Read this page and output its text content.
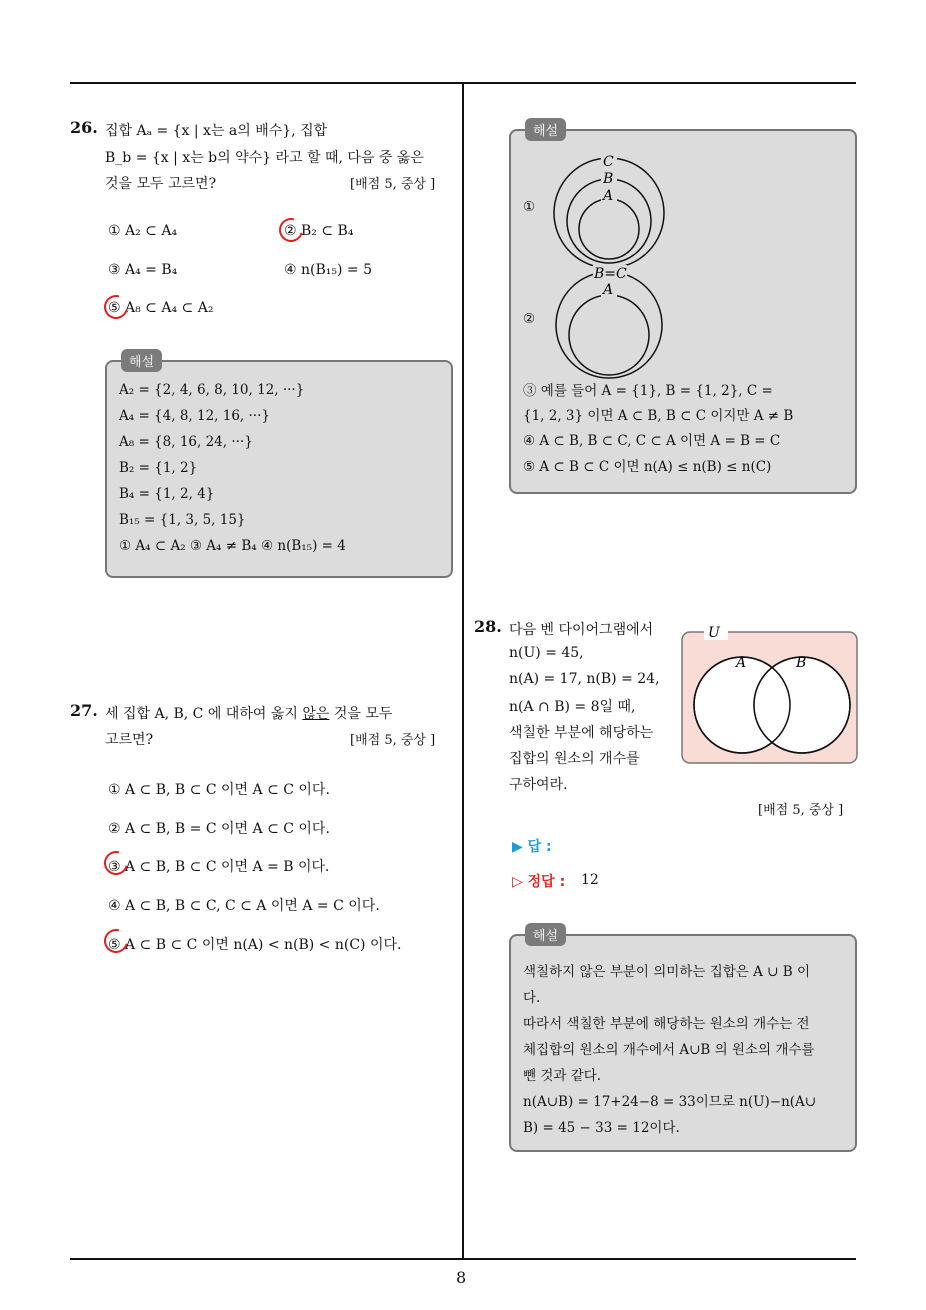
8
26. 집합 Aₐ = {x | x는 a의 배수}, 집합
B_b = {x | x는 b의 약수} 라고 할 때, 다음 중 옳은
것을 모두 고르면?	[배점 5, 중상 ]
① A₂ ⊂ A₄	② B₂ ⊂ B₄
③ A₄ = B₄	④ n(B₁₅) = 5
⑤ A₈ ⊂ A₄ ⊂ A₂
해설
A₂ = {2, 4, 6, 8, 10, 12, ···}
A₄ = {4, 8, 12, 16, ···}
A₈ = {8, 16, 24, ···}
B₂ = {1, 2}
B₄ = {1, 2, 4}
B₁₅ = {1, 3, 5, 15}
① A₄ ⊂ A₂ ③ A₄ ≠ B₄ ④ n(B₁₅) = 4
27. 세 집합 A, B, C 에 대하여 옳지 않은 것을 모두
고르면?	[배점 5, 중상 ]
① A ⊂ B, B ⊂ C 이면 A ⊂ C 이다.
② A ⊂ B, B = C 이면 A ⊂ C 이다.
③ A ⊂ B, B ⊂ C 이면 A = B 이다.
④ A ⊂ B, B ⊂ C, C ⊂ A 이면 A = C 이다.
⑤ A ⊂ B ⊂ C 이면 n(A) < n(B) < n(C) 이다.
해설
①
C
B
A
②
B=C
A
③ 예를 들어 A = {1}, B = {1, 2}, C =
{1, 2, 3} 이면 A ⊂ B, B ⊂ C 이지만 A ≠ B
④ A ⊂ B, B ⊂ C, C ⊂ A 이면 A = B = C
⑤ A ⊂ B ⊂ C 이면 n(A) ≤ n(B) ≤ n(C)
28. 다음 벤 다이어그램에서
n(U) = 45,
n(A) = 17, n(B) = 24,
n(A ∩ B) = 8일 때,
색칠한 부분에 해당하는
집합의 원소의 개수를
구하여라.
U
A	B
[배점 5, 중상 ]
▶ 답 :
▷ 정답 : 12
해설
색칠하지 않은 부분이 의미하는 집합은 A ∪ B 이
다.
따라서 색칠한 부분에 해당하는 원소의 개수는 전
체집합의 원소의 개수에서 A∪B 의 원소의 개수를
뺀 것과 같다.
n(A∪B) = 17+24−8 = 33이므로 n(U)−n(A∪
B) = 45 − 33 = 12이다.
